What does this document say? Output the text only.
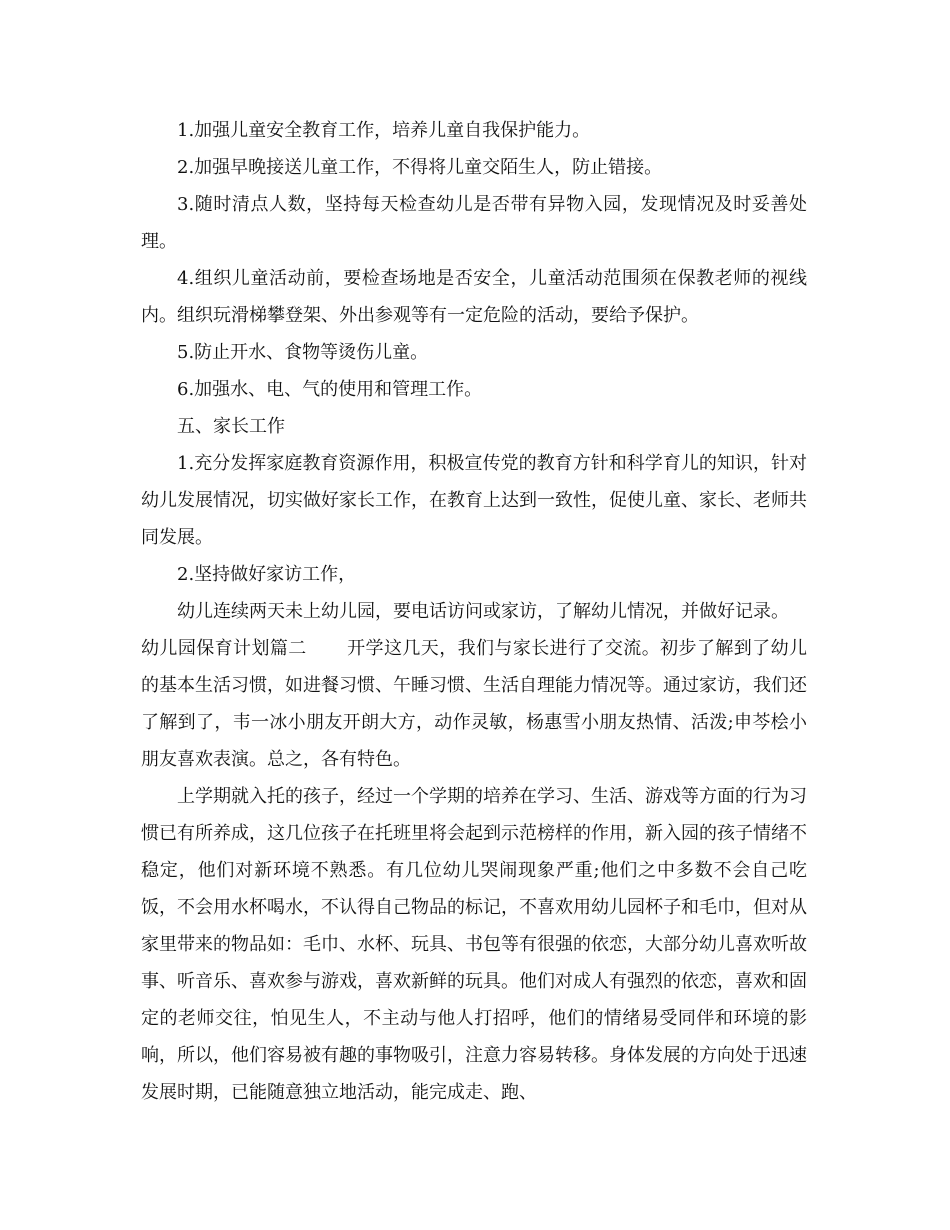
1.加强儿童安全教育工作，培养儿童自我保护能力。

2.加强早晚接送儿童工作，不得将儿童交陌生人，防止错接。

3.随时清点人数，坚持每天检查幼儿是否带有异物入园，发现情况及时妥善处理。

4.组织儿童活动前，要检查场地是否安全，儿童活动范围须在保教老师的视线内。组织玩滑梯攀登架、外出参观等有一定危险的活动，要给予保护。

5.防止开水、食物等烫伤儿童。

6.加强水、电、气的使用和管理工作。

五、家长工作

1.充分发挥家庭教育资源作用，积极宣传党的教育方针和科学育儿的知识，针对幼儿发展情况，切实做好家长工作，在教育上达到一致性，促使儿童、家长、老师共同发展。

2.坚持做好家访工作，

幼儿连续两天未上幼儿园，要电话访问或家访，了解幼儿情况，并做好记录。

幼儿园保育计划篇二 开学这几天，我们与家长进行了交流。初步了解到了幼儿的基本生活习惯，如进餐习惯、午睡习惯、生活自理能力情况等。通过家访，我们还了解到了，韦一冰小朋友开朗大方，动作灵敏，杨惠雪小朋友热情、活泼;申芩桧小朋友喜欢表演。总之，各有特色。

上学期就入托的孩子，经过一个学期的培养在学习、生活、游戏等方面的行为习惯已有所养成，这几位孩子在托班里将会起到示范榜样的作用，新入园的孩子情绪不稳定，他们对新环境不熟悉。有几位幼儿哭闹现象严重;他们之中多数不会自己吃饭，不会用水杯喝水，不认得自己物品的标记，不喜欢用幼儿园杯子和毛巾，但对从家里带来的物品如：毛巾、水杯、玩具、书包等有很强的依恋，大部分幼儿喜欢听故事、听音乐、喜欢参与游戏，喜欢新鲜的玩具。他们对成人有强烈的依恋，喜欢和固定的老师交往，怕见生人，不主动与他人打招呼，他们的情绪易受同伴和环境的影响，所以，他们容易被有趣的事物吸引，注意力容易转移。身体发展的方向处于迅速发展时期，已能随意独立地活动，能完成走、跑、
